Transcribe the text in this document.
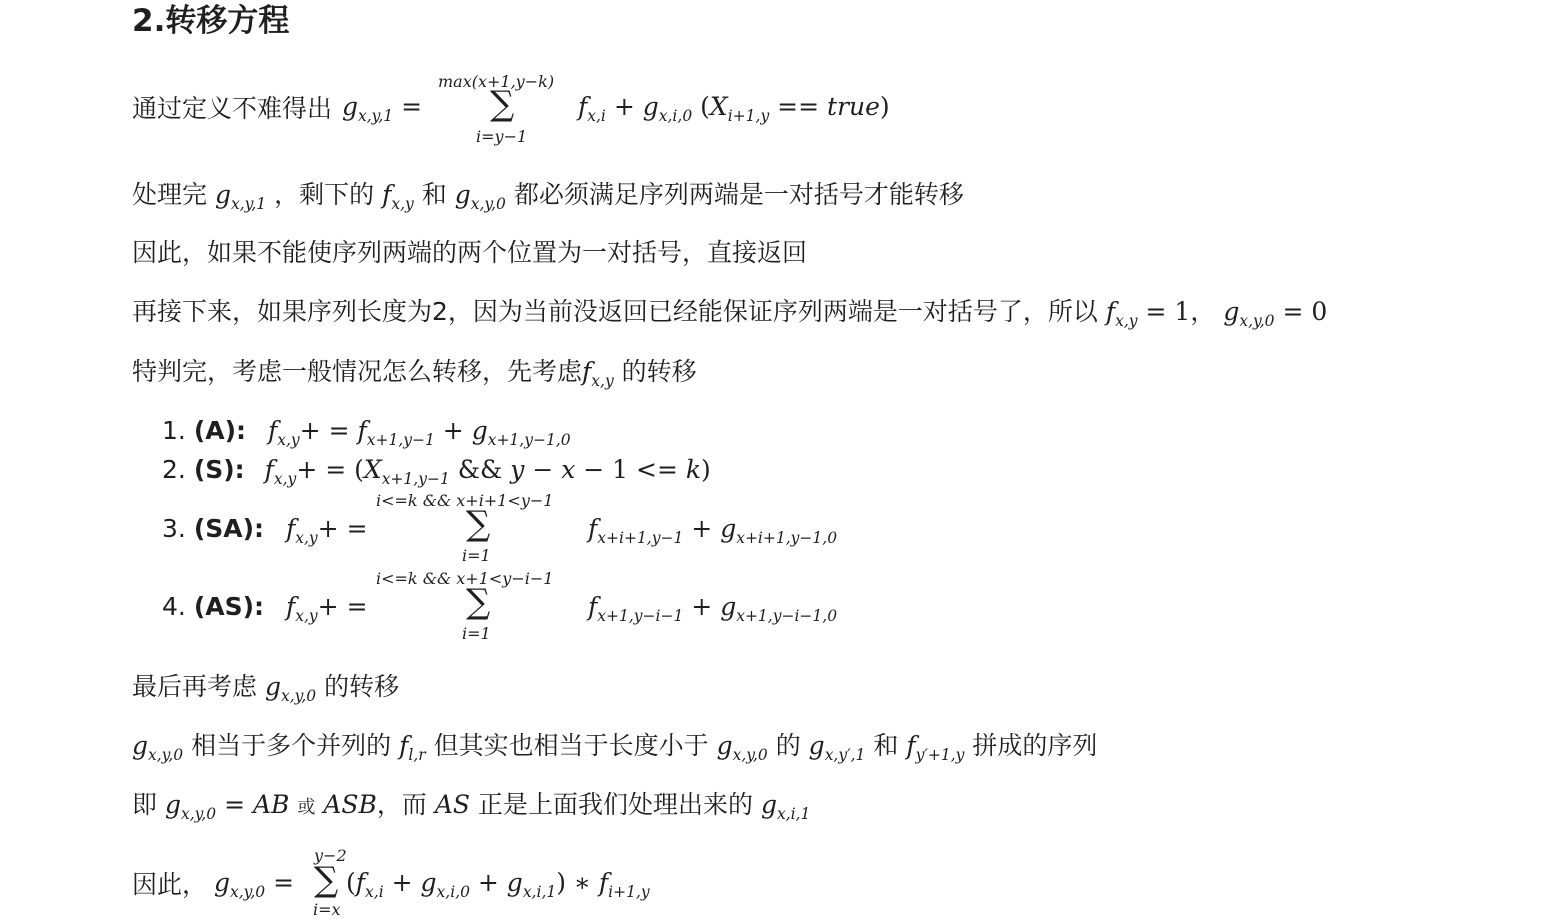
2.转移方程
通过定义不难得出 $g_{x,y,1}$ =
max(x+1,y−k)
∑
i=y−1
$f_{x,i} + g_{x,i,0}$ ($X_{i+1,y}$ == true)
处理完 $g_{x,y,1}$ ，剩下的 $f_{x,y}$ 和 $g_{x,y,0}$ 都必须满足序列两端是一对括号才能转移
因此，如果不能使序列两端的两个位置为一对括号，直接返回
再接下来，如果序列长度为2，因为当前没返回已经能保证序列两端是一对括号了，所以 $f_{x,y} = 1$， $g_{x,y,0} = 0$
特判完，考虑一般情况怎么转移，先考虑$f_{x,y}$ 的转移
1. (A): $f_{x,y}+ = f_{x+1,y-1} + g_{x+1,y-1,0}$
2. (S): $f_{x,y}+ = (X_{x+1,y-1}$ && y − x − 1 <= k)
3. (SA): $f_{x,y}+$ =
i<=k && x+i+1<y−1
∑
i=1
$f_{x+i+1,y-1} + g_{x+i+1,y-1,0}$
4. (AS): $f_{x,y}+$ =
i<=k && x+1<y−i−1
∑
i=1
$f_{x+1,y-i-1} + g_{x+1,y-i-1,0}$
最后再考虑 $g_{x,y,0}$ 的转移
$g_{x,y,0}$ 相当于多个并列的 $f_{l,r}$ 但其实也相当于长度小于 $g_{x,y,0}$ 的 $g_{x,y',1}$ 和 $f_{y'+1,y}$ 拼成的序列
即 $g_{x,y,0}$ = AB 或 ASB，而 AS 正是上面我们处理出来的 $g_{x,i,1}$
因此， $g_{x,y,0}$ =
y−2
∑
i=x
$(f_{x,i} + g_{x,i,0} + g_{x,i,1})$ ∗ $f_{i+1,y}$
